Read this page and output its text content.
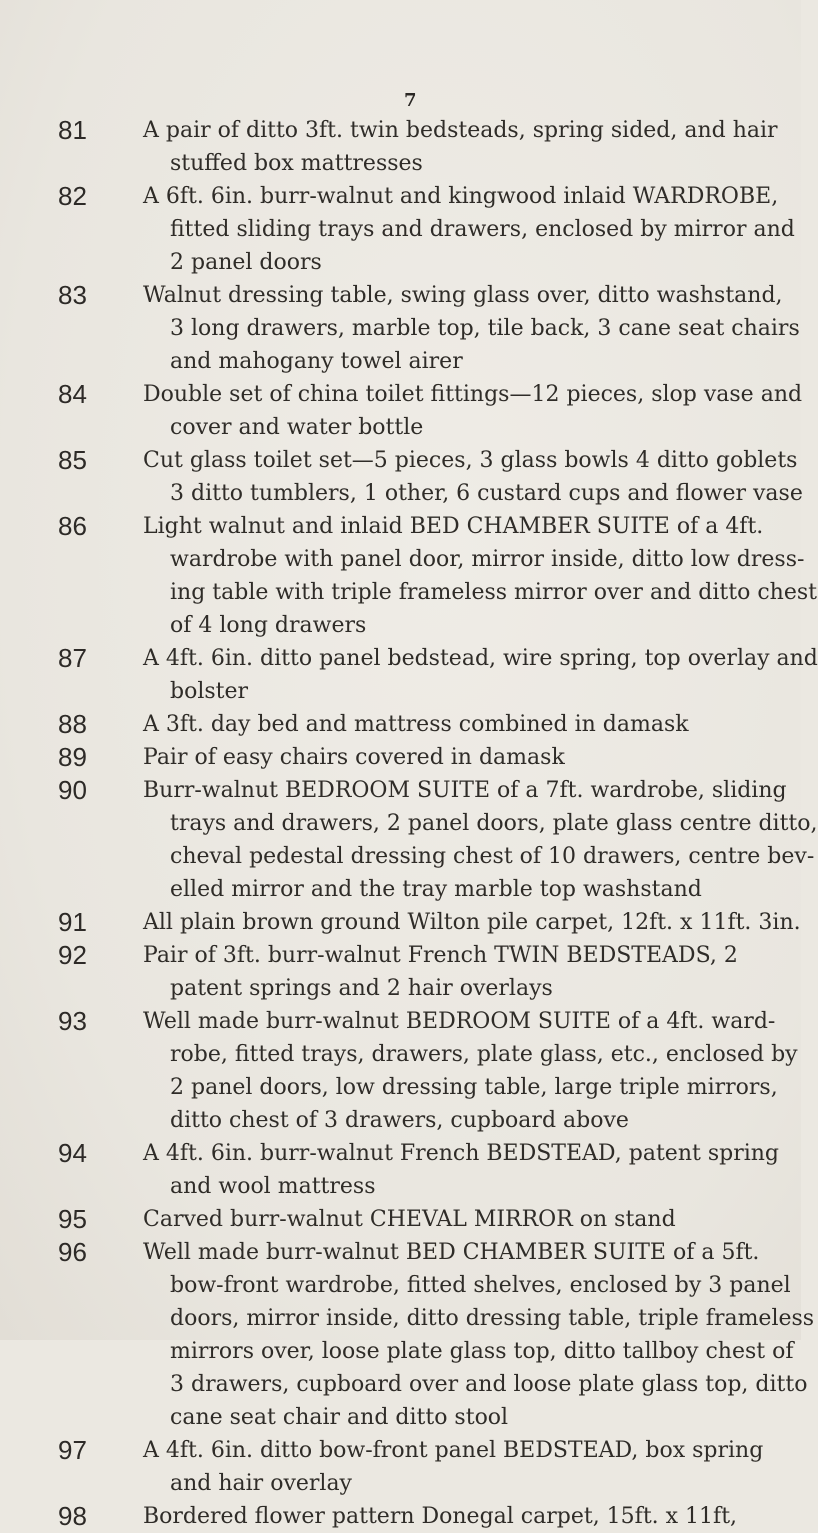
7
81	A pair of ditto 3ft. twin bedsteads, spring sided, and hair
stuffed box mattresses
82	A 6ft. 6in. burr-walnut and kingwood inlaid WARDROBE,
fitted sliding trays and drawers, enclosed by mirror and
2 panel doors
83	Walnut dressing table, swing glass over, ditto washstand,
3 long drawers, marble top, tile back, 3 cane seat chairs
and mahogany towel airer
84	Double set of china toilet fittings—12 pieces, slop vase and
cover and water bottle
85	Cut glass toilet set—5 pieces, 3 glass bowls 4 ditto goblets
3 ditto tumblers, 1 other, 6 custard cups and flower vase
86	Light walnut and inlaid BED CHAMBER SUITE of a 4ft.
wardrobe with panel door, mirror inside, ditto low dress-
ing table with triple frameless mirror over and ditto chest
of 4 long drawers
87	A 4ft. 6in. ditto panel bedstead, wire spring, top overlay and
bolster
88	A 3ft. day bed and mattress combined in damask
89	Pair of easy chairs covered in damask
90	Burr-walnut BEDROOM SUITE of a 7ft. wardrobe, sliding
trays and drawers, 2 panel doors, plate glass centre ditto,
cheval pedestal dressing chest of 10 drawers, centre bev-
elled mirror and the tray marble top washstand
91	All plain brown ground Wilton pile carpet, 12ft. x 11ft. 3in.
92	Pair of 3ft. burr-walnut French TWIN BEDSTEADS, 2
patent springs and 2 hair overlays
93	Well made burr-walnut BEDROOM SUITE of a 4ft. ward-
robe, fitted trays, drawers, plate glass, etc., enclosed by
2 panel doors, low dressing table, large triple mirrors,
ditto chest of 3 drawers, cupboard above
94	A 4ft. 6in. burr-walnut French BEDSTEAD, patent spring
and wool mattress
95	Carved burr-walnut CHEVAL MIRROR on stand
96	Well made burr-walnut BED CHAMBER SUITE of a 5ft.
bow-front wardrobe, fitted shelves, enclosed by 3 panel
doors, mirror inside, ditto dressing table, triple frameless
mirrors over, loose plate glass top, ditto tallboy chest of
3 drawers, cupboard over and loose plate glass top, ditto
cane seat chair and ditto stool
97	A 4ft. 6in. ditto bow-front panel BEDSTEAD, box spring
and hair overlay
98	Bordered flower pattern Donegal carpet, 15ft. x 11ft,
